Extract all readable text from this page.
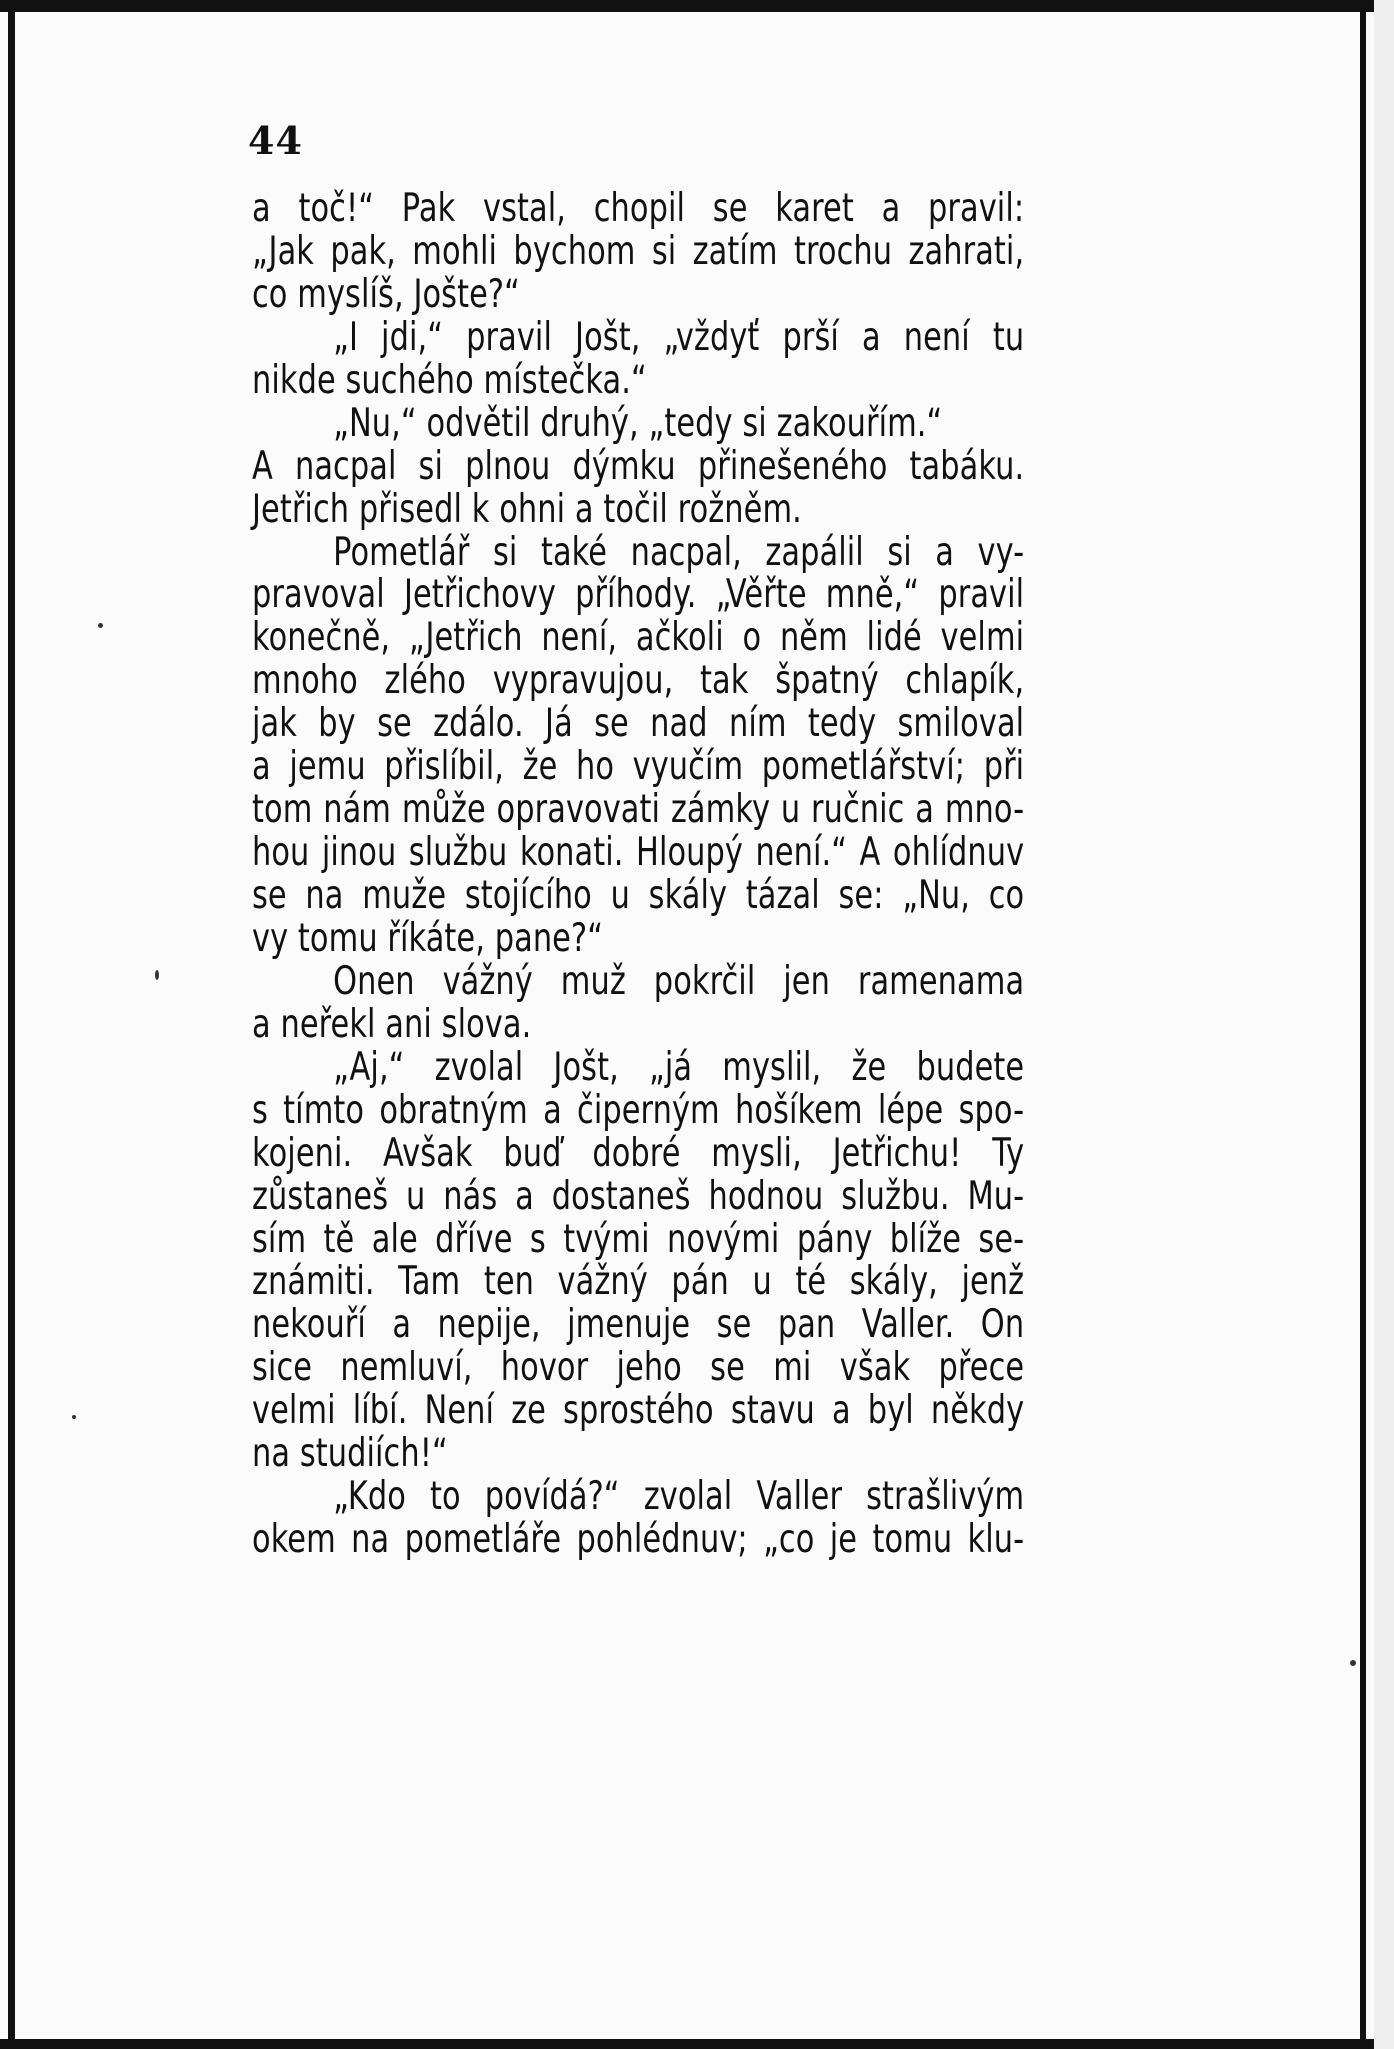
44
a toč!“ Pak vstal, chopil se karet a pravil:
„Jak pak, mohli bychom si zatím trochu zahrati,
co myslíš, Jošte?“
„I jdi,“ pravil Jošt, „vždyť prší a není tu
nikde suchého místečka.“
„Nu,“ odvětil druhý, „tedy si zakouřím.“
A nacpal si plnou dýmku přinešeného tabáku.
Jetřich přisedl k ohni a točil rožněm.
Pometlář si také nacpal, zapálil si a vy-
pravoval Jetřichovy příhody. „Věřte mně,“ pravil
konečně, „Jetřich není, ačkoli o něm lidé velmi
mnoho zlého vypravujou, tak špatný chlapík,
jak by se zdálo. Já se nad ním tedy smiloval
a jemu přislíbil, že ho vyučím pometlářství; při
tom nám může opravovati zámky u ručnic a mno-
hou jinou službu konati. Hloupý není.“ A ohlídnuv
se na muže stojícího u skály tázal se: „Nu, co
vy tomu říkáte, pane?“
Onen vážný muž pokrčil jen ramenama
a neřekl ani slova.
„Aj,“ zvolal Jošt, „já myslil, že budete
s tímto obratným a čiperným hošíkem lépe spo-
kojeni. Avšak buď dobré mysli, Jetřichu! Ty
zůstaneš u nás a dostaneš hodnou službu. Mu-
sím tě ale dříve s tvými novými pány blíže se-
známiti. Tam ten vážný pán u té skály, jenž
nekouří a nepije, jmenuje se pan Valler. On
sice nemluví, hovor jeho se mi však přece
velmi líbí. Není ze sprostého stavu a byl někdy
na studiích!“
„Kdo to povídá?“ zvolal Valler strašlivým
okem na pometláře pohlédnuv; „co je tomu klu-
